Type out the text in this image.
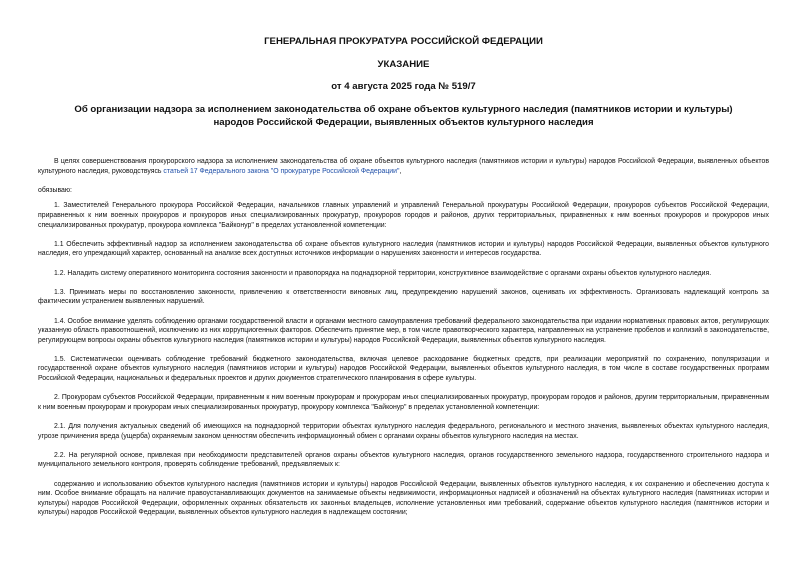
ГЕНЕРАЛЬНАЯ ПРОКУРАТУРА РОССИЙСКОЙ ФЕДЕРАЦИИ
УКАЗАНИЕ
от 4 августа 2025 года № 519/7
Об организации надзора за исполнением законодательства об охране объектов культурного наследия (памятников истории и культуры) народов Российской Федерации, выявленных объектов культурного наследия

В целях совершенствования прокурорского надзора за исполнением законодательства об охране объектов культурного наследия (памятников истории и культуры) народов Российской Федерации, выявленных объектов культурного наследия, руководствуясь статьей 17 Федерального закона "О прокуратуре Российской Федерации",

обязываю:

1. Заместителей Генерального прокурора Российской Федерации, начальников главных управлений и управлений Генеральной прокуратуры Российской Федерации, прокуроров субъектов Российской Федерации, приравненных к ним военных прокуроров и прокуроров иных специализированных прокуратур, прокуроров городов и районов, других территориальных, приравненных к ним военных прокуроров и прокуроров иных специализированных прокуратур, прокурора комплекса "Байконур" в пределах установленной компетенции:

1.1 Обеспечить эффективный надзор за исполнением законодательства об охране объектов культурного наследия (памятников истории и культуры) народов Российской Федерации, выявленных объектов культурного наследия, его упреждающий характер, основанный на анализе всех доступных источников информации о нарушениях законности и интересов государства.

1.2. Наладить систему оперативного мониторинга состояния законности и правопорядка на поднадзорной территории, конструктивное взаимодействие с органами охраны объектов культурного наследия.

1.3. Принимать меры по восстановлению законности, привлечению к ответственности виновных лиц, предупреждению нарушений законов, оценивать их эффективность. Организовать надлежащий контроль за фактическим устранением выявленных нарушений.

1.4. Особое внимание уделять соблюдению органами государственной власти и органами местного самоуправления требований федерального законодательства при издании нормативных правовых актов, регулирующих указанную область правоотношений, исключению из них коррупциогенных факторов. Обеспечить принятие мер, в том числе правотворческого характера, направленных на устранение пробелов и коллизий в законодательстве, регулирующем вопросы охраны объектов культурного наследия (памятников истории и культуры) народов Российской Федерации, выявленных объектов культурного наследия.

1.5. Систематически оценивать соблюдение требований бюджетного законодательства, включая целевое расходование бюджетных средств, при реализации мероприятий по сохранению, популяризации и государственной охране объектов культурного наследия (памятников истории и культуры) народов Российской Федерации, выявленных объектов культурного наследия, в том числе в составе государственных программ Российской Федерации, национальных и федеральных проектов и других документов стратегического планирования в сфере культуры.

2. Прокурорам субъектов Российской Федерации, приравненным к ним военным прокурорам и прокурорам иных специализированных прокуратур, прокурорам городов и районов, другим территориальным, приравненным к ним военным прокурорам и прокурорам иных специализированных прокуратур, прокурору комплекса "Байконур" в пределах установленной компетенции:

2.1. Для получения актуальных сведений об имеющихся на поднадзорной территории объектах культурного наследия федерального, регионального и местного значения, выявленных объектах культурного наследия, угрозе причинения вреда (ущерба) охраняемым законом ценностям обеспечить информационный обмен с органами охраны объектов культурного наследия на местах.

2.2. На регулярной основе, привлекая при необходимости представителей органов охраны объектов культурного наследия, органов государственного земельного надзора, государственного строительного надзора и муниципального земельного контроля, проверять соблюдение требований, предъявляемых к:

содержанию и использованию объектов культурного наследия (памятников истории и культуры) народов Российской Федерации, выявленных объектов культурного наследия, к их сохранению и обеспечению доступа к ним. Особое внимание обращать на наличие правоустанавливающих документов на занимаемые объекты недвижимости, информационных надписей и обозначений на объектах культурного наследия (памятниках истории и культуры) народов Российской Федерации, оформленных охранных обязательств их законных владельцев, исполнение установленных ими требований, содержание объектов культурного наследия (памятников истории и культуры) народов Российской Федерации, выявленных объектов культурного наследия в надлежащем состоянии;
